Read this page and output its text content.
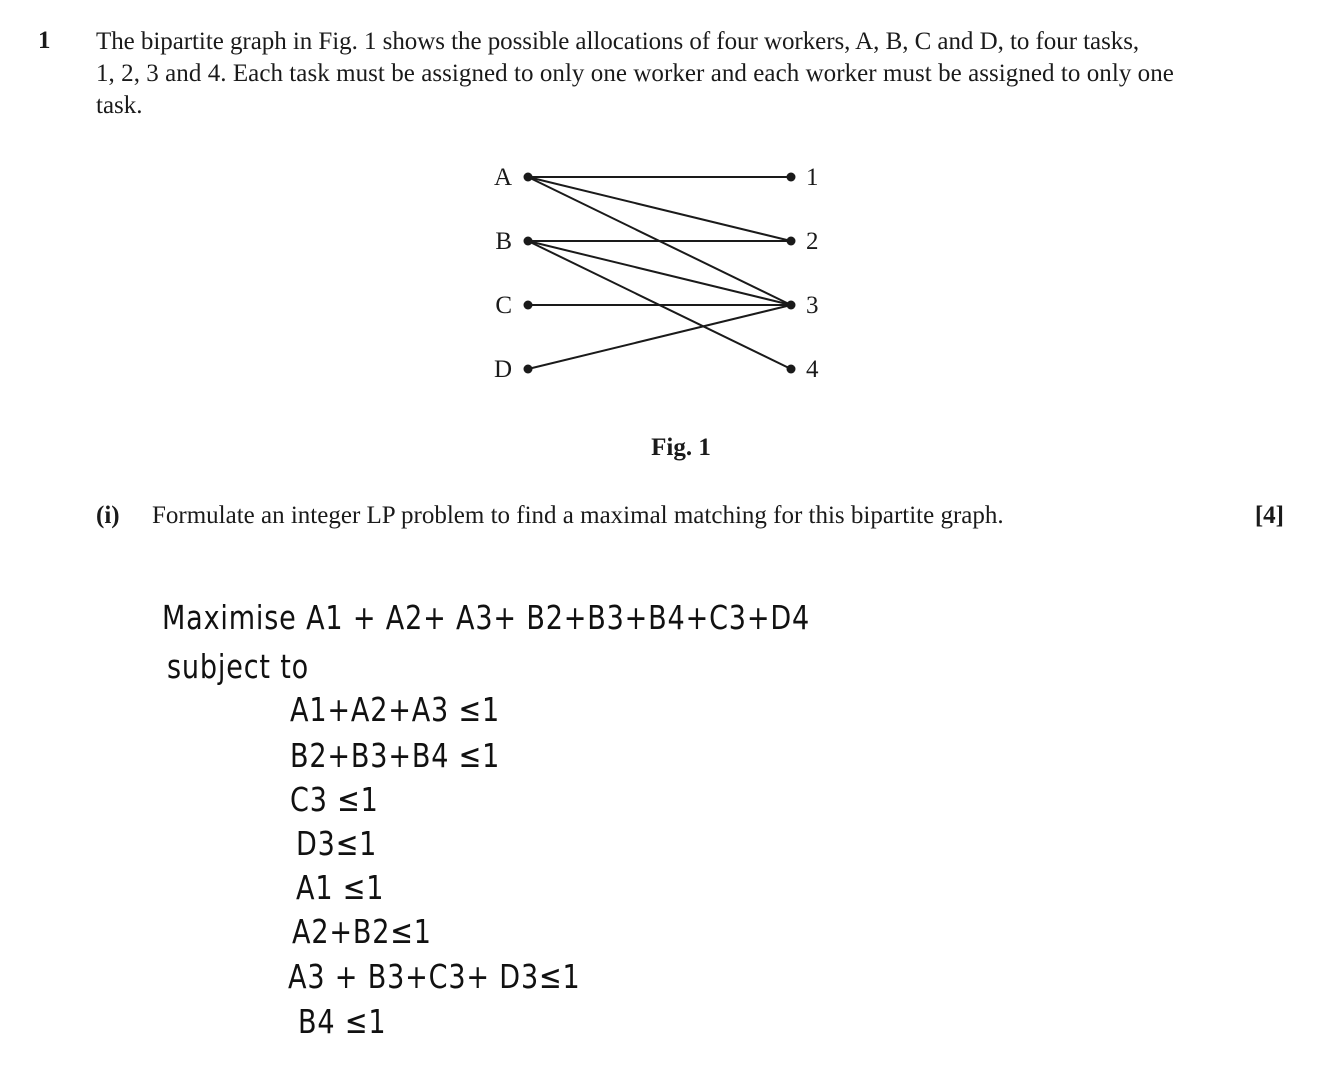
1 The bipartite graph in Fig. 1 shows the possible allocations of four workers, A, B, C and D, to four tasks,
1, 2, 3 and 4. Each task must be assigned to only one worker and each worker must be assigned to only one
task.
A
B
C
D
1
2
3
4
Fig. 1
(i) Formulate an integer LP problem to find a maximal matching for this bipartite graph.	[4]
Maximise A1 + A2+ A3+ B2+B3+B4+C3+D4
subject to
A1+A2+A3 ≤1
B2+B3+B4 ≤1
C3 ≤1
D3≤1
A1 ≤1
A2+B2≤1
A3 + B3+C3+ D3≤1
B4 ≤1
